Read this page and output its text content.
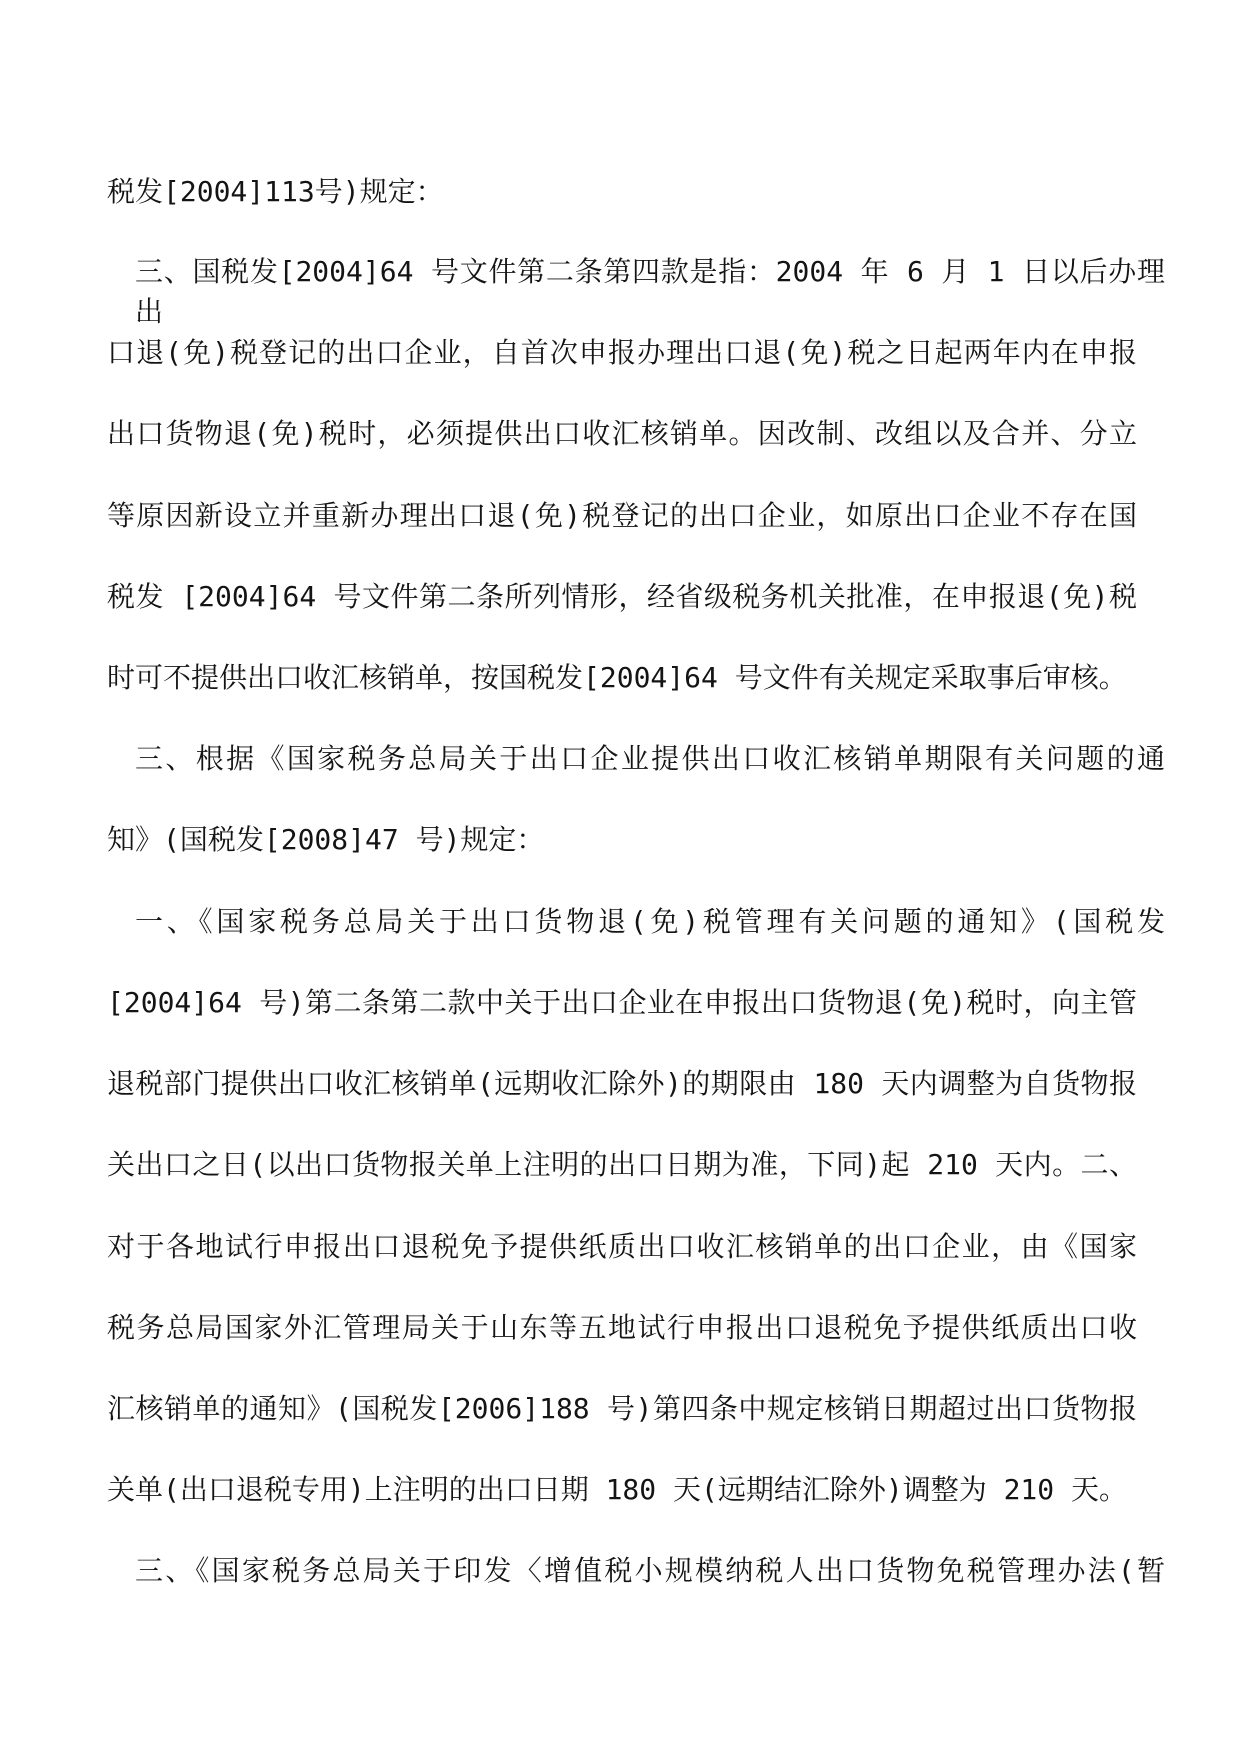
税发[2004]113号)规定：
三、国税发[2004]64 号文件第二条第四款是指：2004 年 6 月 1 日以后办理出
口退(免)税登记的出口企业，自首次申报办理出口退(免)税之日起两年内在申报
出口货物退(免)税时，必须提供出口收汇核销单。因改制、改组以及合并、分立
等原因新设立并重新办理出口退(免)税登记的出口企业，如原出口企业不存在国
税发 [2004]64 号文件第二条所列情形，经省级税务机关批准，在申报退(免)税
时可不提供出口收汇核销单，按国税发[2004]64 号文件有关规定采取事后审核。
三、根据《国家税务总局关于出口企业提供出口收汇核销单期限有关问题的通
知》(国税发[2008]47 号)规定：
一、《国家税务总局关于出口货物退(免)税管理有关问题的通知》(国税发
[2004]64 号)第二条第二款中关于出口企业在申报出口货物退(免)税时，向主管
退税部门提供出口收汇核销单(远期收汇除外)的期限由 180 天内调整为自货物报
关出口之日(以出口货物报关单上注明的出口日期为准，下同)起 210 天内。二、
对于各地试行申报出口退税免予提供纸质出口收汇核销单的出口企业，由《国家
税务总局国家外汇管理局关于山东等五地试行申报出口退税免予提供纸质出口收
汇核销单的通知》(国税发[2006]188 号)第四条中规定核销日期超过出口货物报
关单(出口退税专用)上注明的出口日期 180 天(远期结汇除外)调整为 210 天。
三、《国家税务总局关于印发〈增值税小规模纳税人出口货物免税管理办法(暂
